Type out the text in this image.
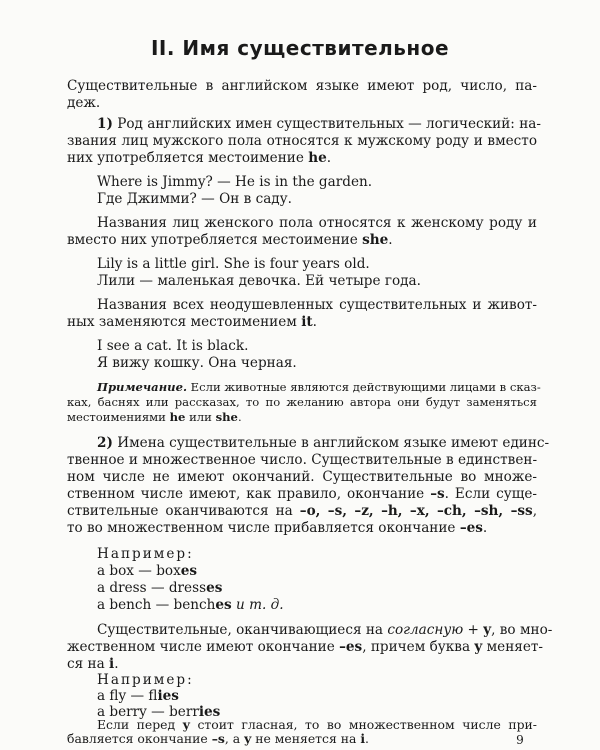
II. Имя существительное
Существительные в английском языке имеют род, число, па-
деж.
1) Род английских имен существительных — логический: на-
звания лиц мужского пола относятся к мужскому роду и вместо
них употребляется местоимение he.
Where is Jimmy? — He is in the garden.
Где Джимми? — Он в саду.
Названия лиц женского пола относятся к женскому роду и
вместо них употребляется местоимение she.
Lily is a little girl. She is four years old.
Лили — маленькая девочка. Ей четыре года.
Названия всех неодушевленных существительных и живот-
ных заменяются местоимением it.
I see a cat. It is black.
Я вижу кошку. Она черная.
Примечание. Если животные являются действующими лицами в сказ-
ках, баснях или рассказах, то по желанию автора они будут заменяться
местоимениями he или she.
2) Имена существительные в английском языке имеют единс-
твенное и множественное число. Существительные в единствен-
ном числе не имеют окончаний. Существительные во множе-
ственном числе имеют, как правило, окончание –s. Если суще-
ствительные оканчиваются на –o, –s, –z, –h, –x, –ch, –sh, –ss,
то во множественном числе прибавляется окончание –es.
Например:
a box — boxes
a dress — dresses
a bench — benches и т. д.
Существительные, оканчивающиеся на согласную + y, во мно-
жественном числе имеют окончание –es, причем буква y меняет-
ся на i.
Например:
a fly — flies
9
a berry — berries
Если перед y стоит гласная, то во множественном числе при-
бавляется окончание –s, а y не меняется на i.
